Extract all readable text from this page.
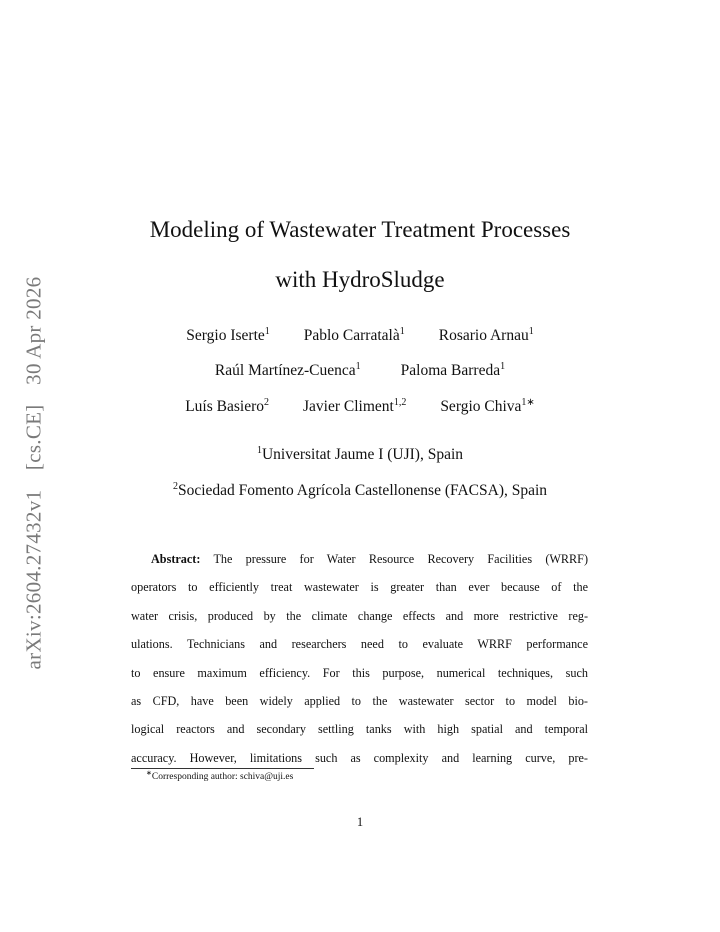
arXiv:2604.27432v1 [cs.CE] 30 Apr 2026
Modeling of Wastewater Treatment Processes
with HydroSludge
Sergio Iserte$^1$ Pablo Carratalà$^1$ Rosario Arnau$^1$
Raúl Martínez-Cuenca$^1$	Paloma Barreda$^1$
Luís Basiero$^2$ Javier Climent$^{1,2}$ Sergio Chiva$^{1∗}$
$^1$Universitat Jaume I (UJI), Spain
$^2$Sociedad Fomento Agrícola Castellonense (FACSA), Spain
Abstract: The pressure for Water Resource Recovery Facilities (WRRF)
operators to efficiently treat wastewater is greater than ever because of the
water crisis, produced by the climate change effects and more restrictive reg-
ulations. Technicians and researchers need to evaluate WRRF performance
to ensure maximum efficiency. For this purpose, numerical techniques, such
as CFD, have been widely applied to the wastewater sector to model bio-
logical reactors and secondary settling tanks with high spatial and temporal
accuracy. However, limitations such as complexity and learning curve, pre-
∗Corresponding author: schiva@uji.es
1
